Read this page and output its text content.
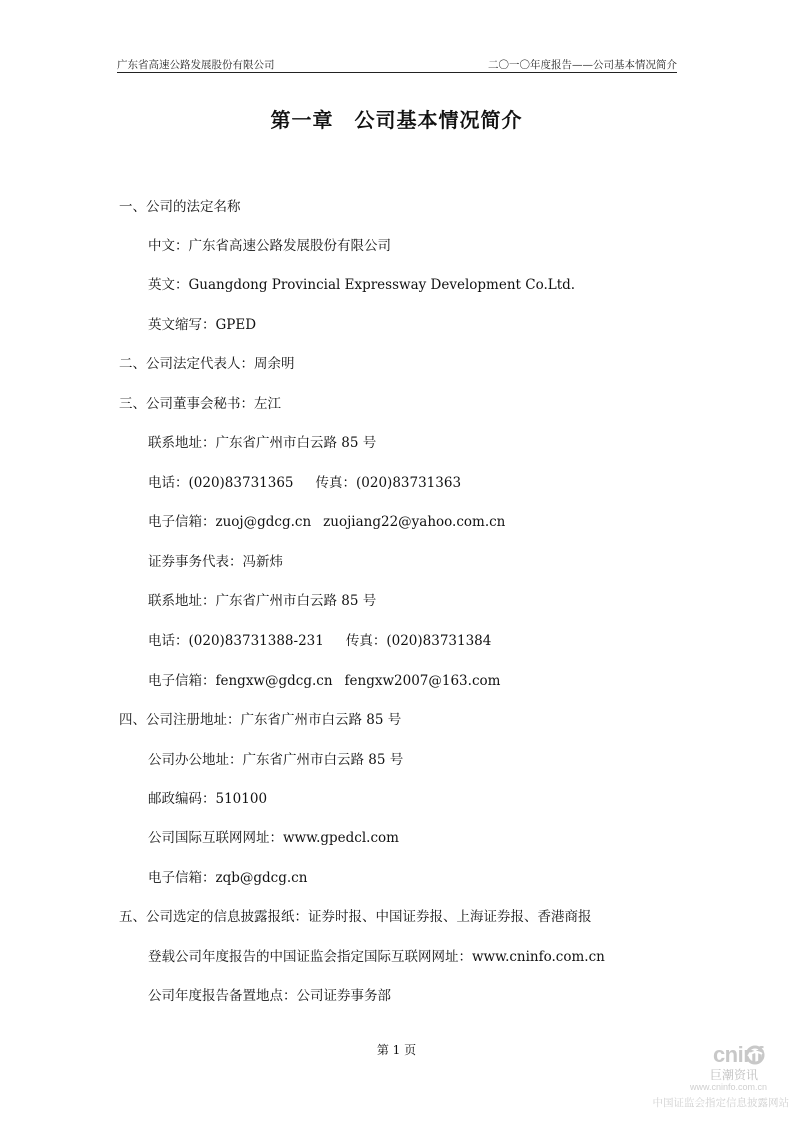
广东省高速公路发展股份有限公司	二〇一〇年度报告——公司基本情况简介
第一章　公司基本情况简介
一、公司的法定名称
中文：广东省高速公路发展股份有限公司
英文：Guangdong Provincial Expressway Development Co.Ltd.
英文缩写：GPED
二、公司法定代表人：周余明
三、公司董事会秘书：左江
联系地址：广东省广州市白云路 85 号
电话：(020)83731365 传真：(020)83731363
电子信箱：zuoj@gdcg.cn zuojiang22@yahoo.com.cn
证券事务代表：冯新炜
联系地址：广东省广州市白云路 85 号
电话：(020)83731388-231 传真：(020)83731384
电子信箱：fengxw@gdcg.cn fengxw2007@163.com
四、公司注册地址：广东省广州市白云路 85 号
公司办公地址：广东省广州市白云路 85 号
邮政编码：510100
公司国际互联网网址：www.gpedcl.com
电子信箱：zqb@gdcg.cn
五、公司选定的信息披露报纸：证券时报、中国证券报、上海证券报、香港商报
登载公司年度报告的中国证监会指定国际互联网网址：www.cninfo.com.cn
公司年度报告备置地点：公司证券事务部
第 1 页	cninf
巨潮资讯
www.cninfo.com.cn
中国证监会指定信息披露网站
